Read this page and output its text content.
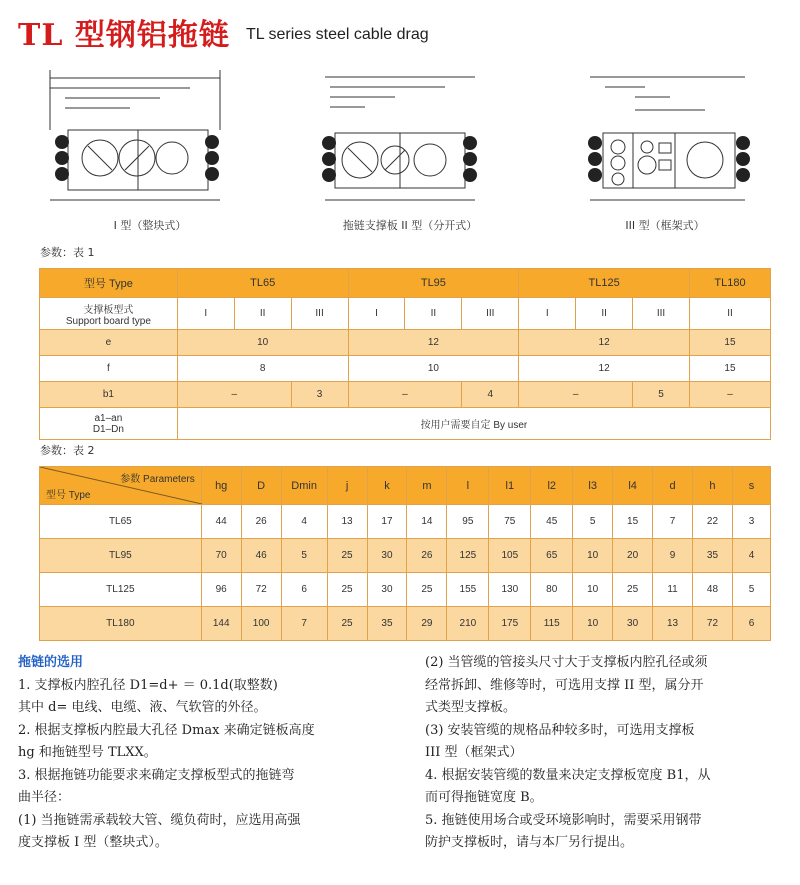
TL 型钢铝拖链 TL series steel cable drag
I 型（整块式）	拖链支撑板 II 型（分开式）	III 型（框架式）
参数：表 1
型号 Type	TL65			TL95			TL125			TL180
支撑板型式
Support board type	I	II	III	I	II	III	I	II	III	II
e	10			12			12			15
f	8			10			12			15
b1	–		3	–		4	–		5	–
a1–an
D1–Dn	按用户需要自定 By user									
参数：表 2
参数 Parameters
型号 Type	hg	D	Dmin	j	k	m	l	l1	l2	l3	l4	d	h	s
TL65	44	26	4	13	17	14	95	75	45	5	15	7	22	3
TL95	70	46	5	25	30	26	125	105	65	10	20	9	35	4
TL125	96	72	6	25	30	25	155	130	80	10	25	11	48	5
TL180	144	100	7	25	35	29	210	175	115	10	30	13	72	6

拖链的选用

1. 支撑板内腔孔径 D1=d+ ＝ 0.1d(取整数)

其中 d= 电线、电缆、液、气软管的外径。

2. 根据支撑板内腔最大孔径 Dmax 来确定链板高度

hg 和拖链型号 TLXX。

3. 根据拖链功能要求来确定支撑板型式的拖链弯

曲半径：

(1) 当拖链需承载较大管、缆负荷时，应选用高强

度支撑板 I 型（整块式）。

(2) 当管缆的管接头尺寸大于支撑板内腔孔径或须

经常拆卸、维修等时，可选用支撑 II 型，属分开

式类型支撑板。

(3) 安装管缆的规格品种较多时，可选用支撑板

III 型（框架式）

4. 根据安装管缆的数量来决定支撑板宽度 B1，从

而可得拖链宽度 B。

5. 拖链使用场合或受环境影响时，需要采用钢带

防护支撑板时，请与本厂另行提出。
